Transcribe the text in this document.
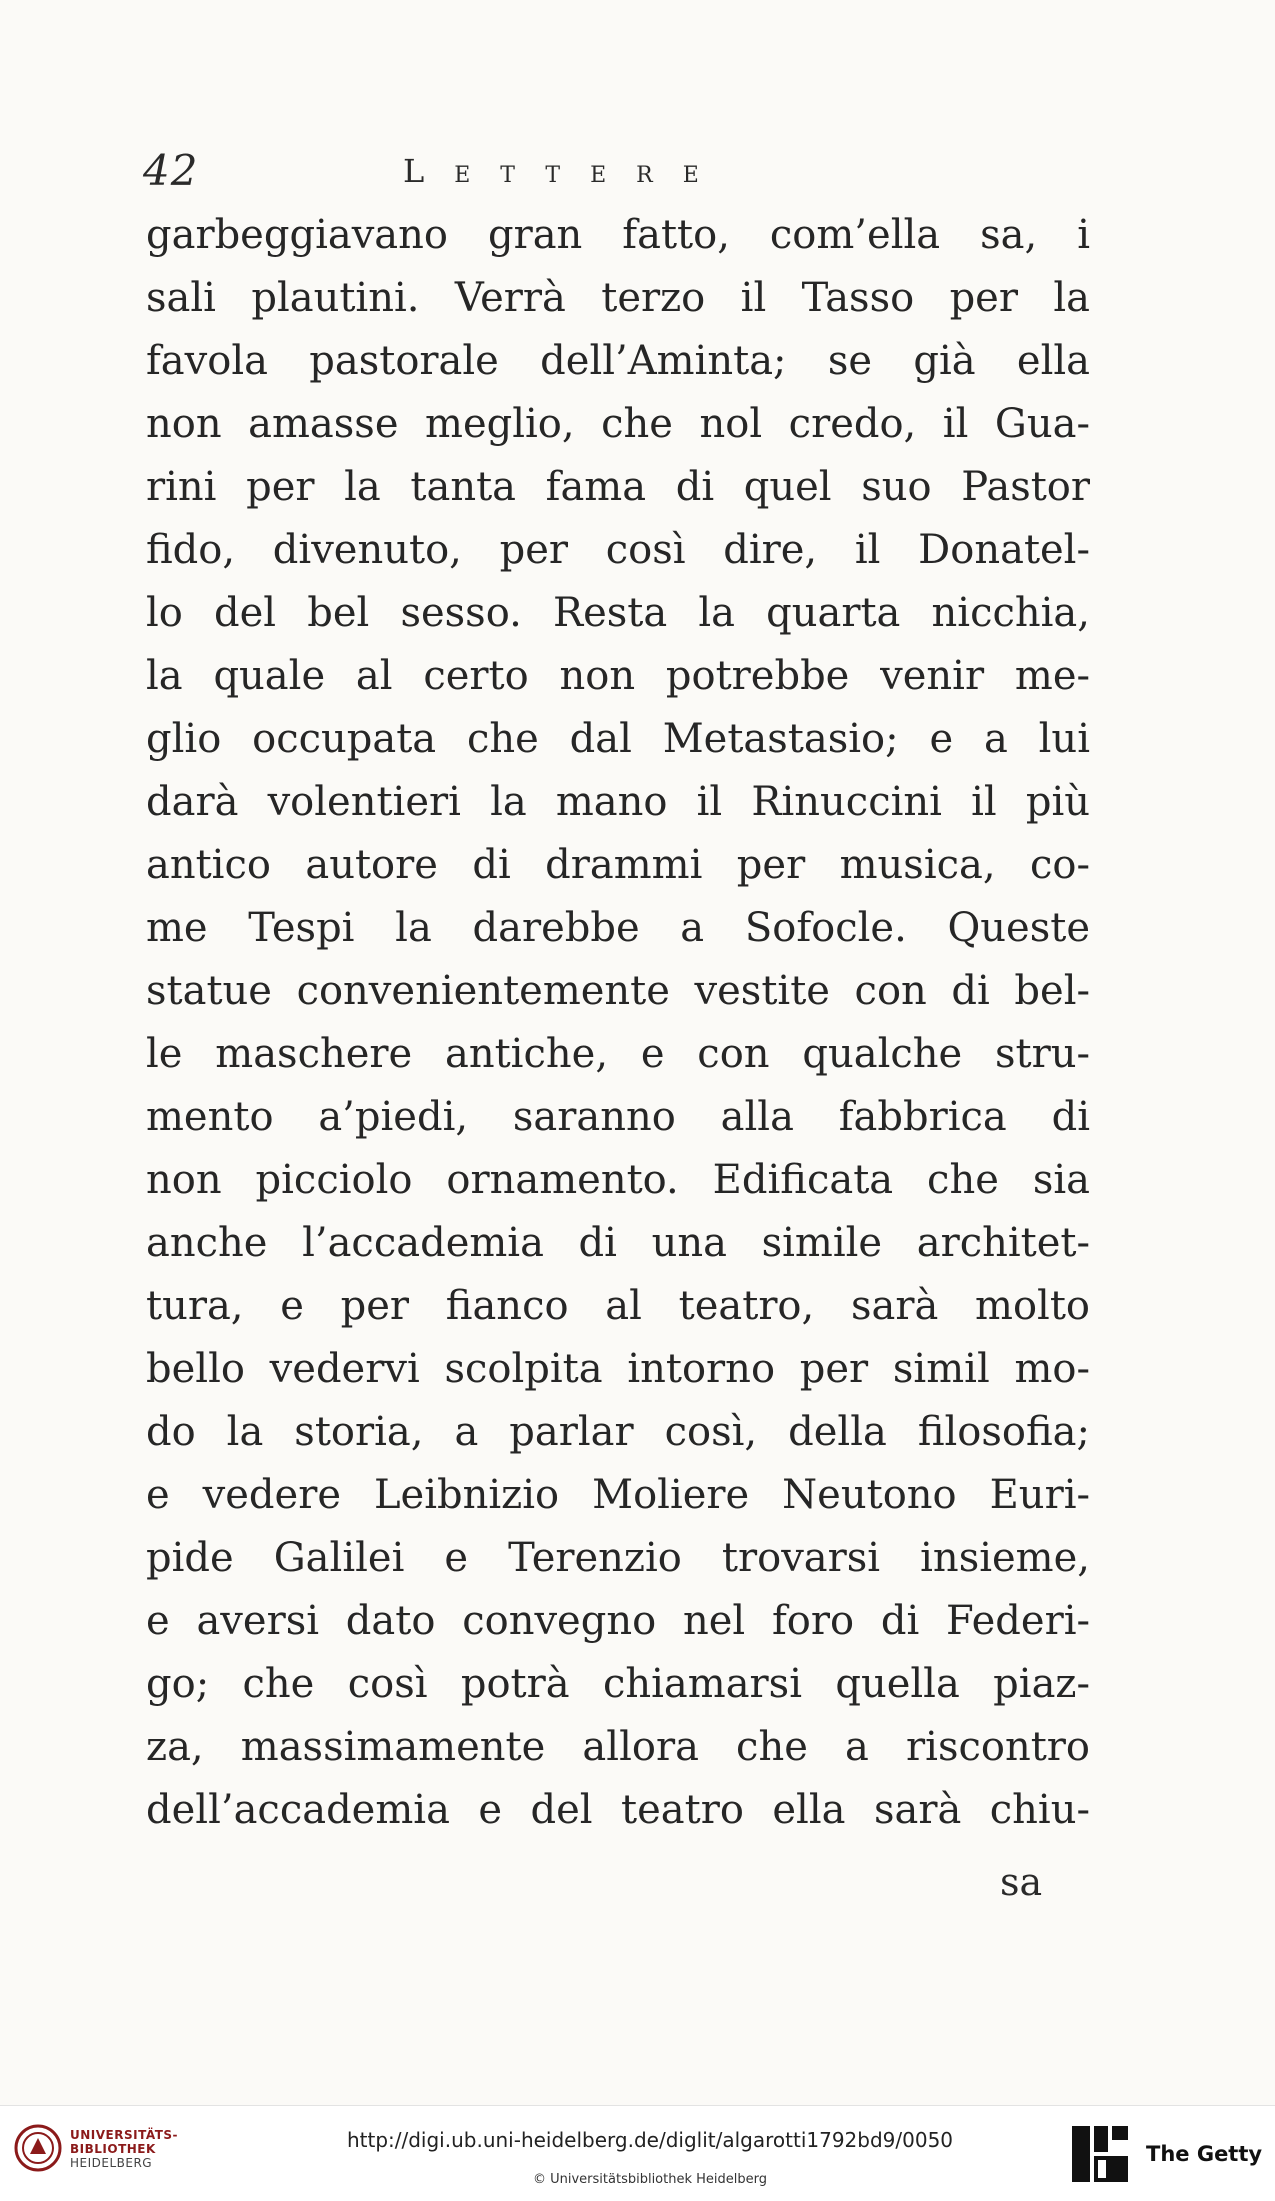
42	Lettere
garbeggiavano gran fatto, com’ella sa, i
sali plautini. Verrà terzo il Tasso per la
favola pastorale dell’Aminta; se già ella
non amasse meglio, che nol credo, il Gua-
rini per la tanta fama di quel suo Pastor
fido, divenuto, per così dire, il Donatel-
lo del bel sesso. Resta la quarta nicchia,
la quale al certo non potrebbe venir me-
glio occupata che dal Metastasio; e a lui
darà volentieri la mano il Rinuccini il più
antico autore di drammi per musica, co-
me Tespi la darebbe a Sofocle. Queste
statue convenientemente vestite con di bel-
le maschere antiche, e con qualche stru-
mento a’piedi, saranno alla fabbrica di
non picciolo ornamento. Edificata che sia
anche l’accademia di una simile architet-
tura, e per fianco al teatro, sarà molto
bello vedervi scolpita intorno per simil mo-
do la storia, a parlar così, della filosofia;
e vedere Leibnizio Moliere Neutono Euri-
pide Galilei e Terenzio trovarsi insieme,
e aversi dato convegno nel foro di Federi-
go; che così potrà chiamarsi quella piaz-
za, massimamente allora che a riscontro
dell’accademia e del teatro ella sarà chiu-
sa
UNIVERSITÄTS-
BIBLIOTHEK
HEIDELBERG
http://digi.ub.uni-heidelberg.de/diglit/algarotti1792bd9/0050
© Universitätsbibliothek Heidelberg
The Getty
